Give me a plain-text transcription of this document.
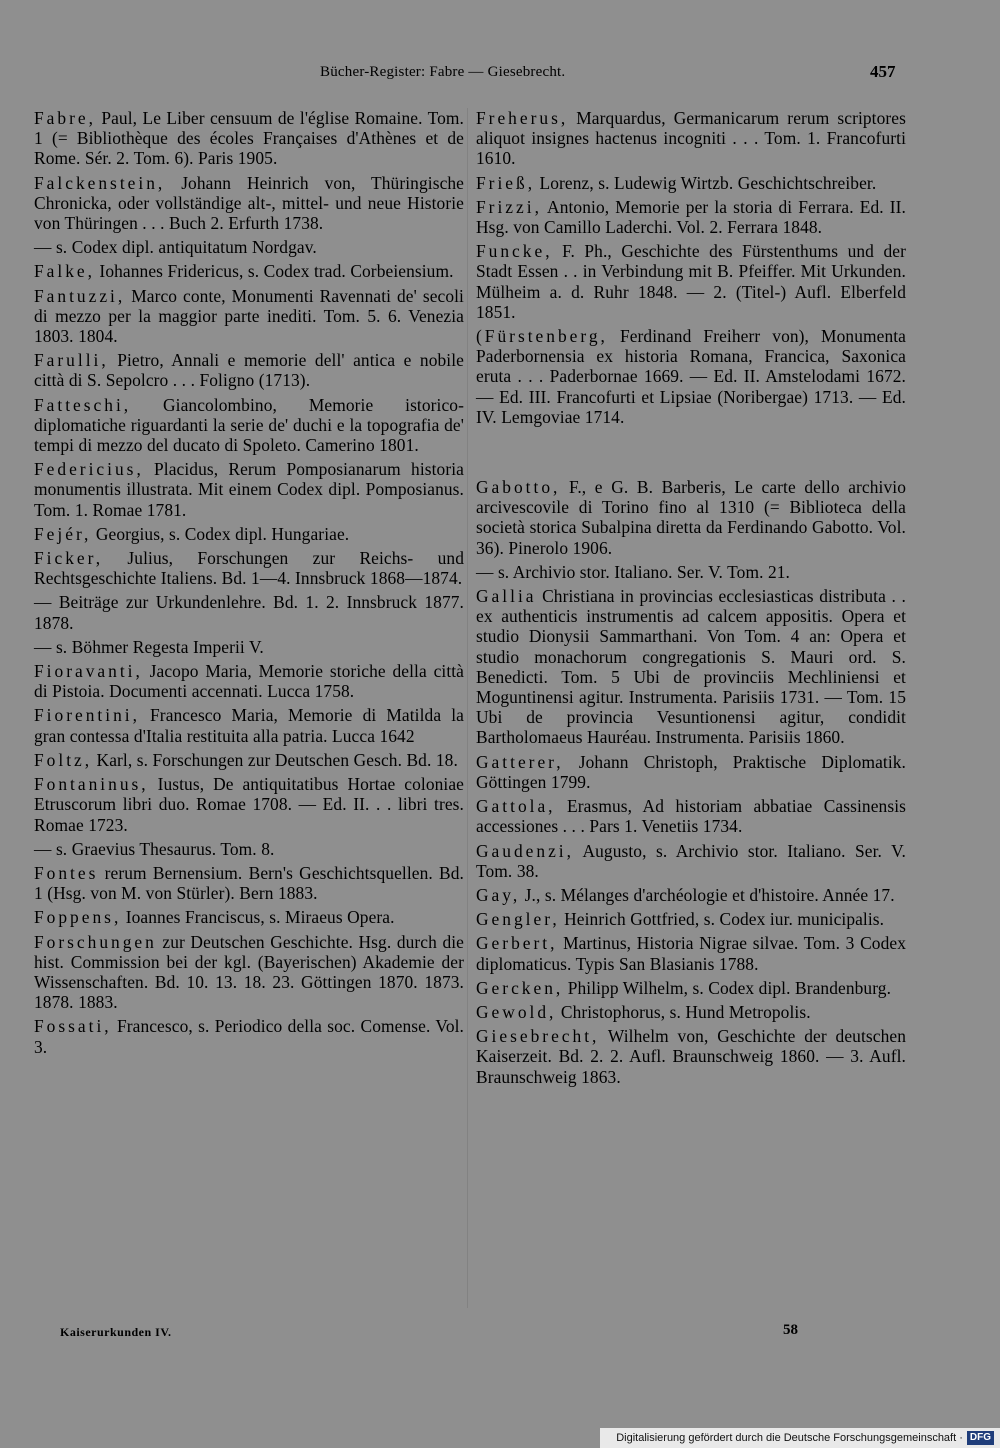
Bücher-Register: Fabre — Giesebrecht.	457

Fabre, Paul, Le Liber censuum de l'église Romaine. Tom. 1 (= Bibliothèque des écoles Françaises d'Athènes et de Rome. Sér. 2. Tom. 6). Paris 1905.

Falckenstein, Johann Heinrich von, Thüringische Chronicka, oder vollständige alt-, mittel- und neue Historie von Thüringen . . . Buch 2. Erfurth 1738.

— s. Codex dipl. antiquitatum Nordgav.

Falke, Iohannes Fridericus, s. Codex trad. Corbeiensium.

Fantuzzi, Marco conte, Monumenti Ravennati de' secoli di mezzo per la maggior parte inediti. Tom. 5. 6. Venezia 1803. 1804.

Farulli, Pietro, Annali e memorie dell' antica e nobile città di S. Sepolcro . . . Foligno (1713).

Fatteschi, Giancolombino, Memorie istorico-diplomatiche riguardanti la serie de' duchi e la topografia de' tempi di mezzo del ducato di Spoleto. Camerino 1801.

Federicius, Placidus, Rerum Pomposianarum historia monumentis illustrata. Mit einem Codex dipl. Pomposianus. Tom. 1. Romae 1781.

Fejér, Georgius, s. Codex dipl. Hungariae.

Ficker, Julius, Forschungen zur Reichs- und Rechtsgeschichte Italiens. Bd. 1—4. Innsbruck 1868—1874.

— Beiträge zur Urkundenlehre. Bd. 1. 2. Innsbruck 1877. 1878.

— s. Böhmer Regesta Imperii V.

Fioravanti, Jacopo Maria, Memorie storiche della città di Pistoia. Documenti accennati. Lucca 1758.

Fiorentini, Francesco Maria, Memorie di Matilda la gran contessa d'Italia restituita alla patria. Lucca 1642

Foltz, Karl, s. Forschungen zur Deutschen Gesch. Bd. 18.

Fontaninus, Iustus, De antiquitatibus Hortae coloniae Etruscorum libri duo. Romae 1708. — Ed. II. . . libri tres. Romae 1723.

— s. Graevius Thesaurus. Tom. 8.

Fontes rerum Bernensium. Bern's Geschichtsquellen. Bd. 1 (Hsg. von M. von Stürler). Bern 1883.

Foppens, Ioannes Franciscus, s. Miraeus Opera.

Forschungen zur Deutschen Geschichte. Hsg. durch die hist. Commission bei der kgl. (Bayerischen) Akademie der Wissenschaften. Bd. 10. 13. 18. 23. Göttingen 1870. 1873. 1878. 1883.

Fossati, Francesco, s. Periodico della soc. Comense. Vol. 3.

Freherus, Marquardus, Germanicarum rerum scriptores aliquot insignes hactenus incogniti . . . Tom. 1. Francofurti 1610.

Frieß, Lorenz, s. Ludewig Wirtzb. Geschichtschreiber.

Frizzi, Antonio, Memorie per la storia di Ferrara. Ed. II. Hsg. von Camillo Laderchi. Vol. 2. Ferrara 1848.

Funcke, F. Ph., Geschichte des Fürstenthums und der Stadt Essen . . in Verbindung mit B. Pfeiffer. Mit Urkunden. Mülheim a. d. Ruhr 1848. — 2. (Titel-) Aufl. Elberfeld 1851.

(Fürstenberg, Ferdinand Freiherr von), Monumenta Paderbornensia ex historia Romana, Francica, Saxonica eruta . . . Paderbornae 1669. — Ed. II. Amstelodami 1672. — Ed. III. Francofurti et Lipsiae (Noribergae) 1713. — Ed. IV. Lemgoviae 1714.

Gabotto, F., e G. B. Barberis, Le carte dello archivio arcivescovile di Torino fino al 1310 (= Biblioteca della società storica Subalpina diretta da Ferdinando Gabotto. Vol. 36). Pinerolo 1906.

— s. Archivio stor. Italiano. Ser. V. Tom. 21.

Gallia Christiana in provincias ecclesiasticas distributa . . ex authenticis instrumentis ad calcem appositis. Opera et studio Dionysii Sammarthani. Von Tom. 4 an: Opera et studio monachorum congregationis S. Mauri ord. S. Benedicti. Tom. 5 Ubi de provinciis Mechliniensi et Moguntinensi agitur. Instrumenta. Parisiis 1731. — Tom. 15 Ubi de provincia Vesuntionensi agitur, condidit Bartholomaeus Hauréau. Instrumenta. Parisiis 1860.

Gatterer, Johann Christoph, Praktische Diplomatik. Göttingen 1799.

Gattola, Erasmus, Ad historiam abbatiae Cassinensis accessiones . . . Pars 1. Venetiis 1734.

Gaudenzi, Augusto, s. Archivio stor. Italiano. Ser. V. Tom. 38.

Gay, J., s. Mélanges d'archéologie et d'histoire. Année 17.

Gengler, Heinrich Gottfried, s. Codex iur. municipalis.

Gerbert, Martinus, Historia Nigrae silvae. Tom. 3 Codex diplomaticus. Typis San Blasianis 1788.

Gercken, Philipp Wilhelm, s. Codex dipl. Brandenburg.

Gewold, Christophorus, s. Hund Metropolis.

Giesebrecht, Wilhelm von, Geschichte der deutschen Kaiserzeit. Bd. 2. 2. Aufl. Braunschweig 1860. — 3. Aufl. Braunschweig 1863.

Kaiserurkunden IV.	58
Digitalisierung gefördert durch die Deutsche Forschungsgemeinschaft · DFG
